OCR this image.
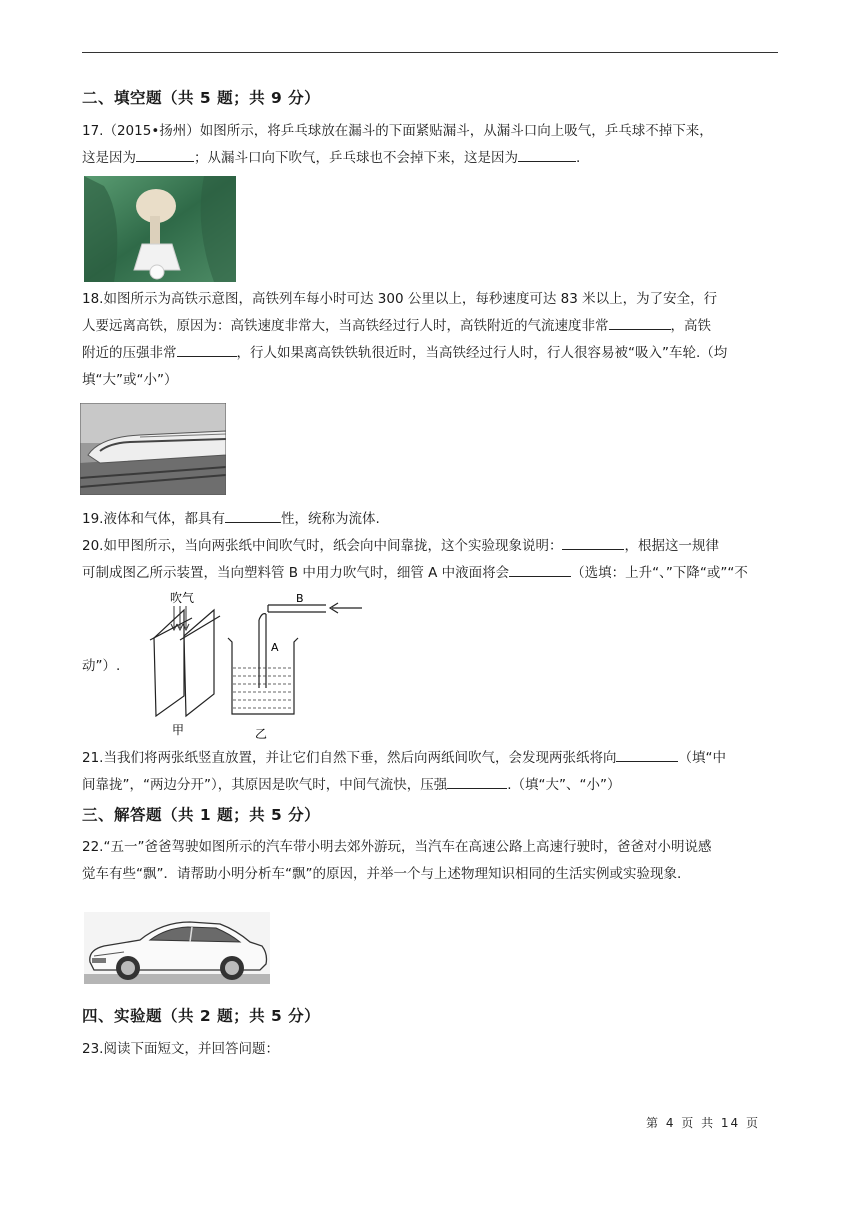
二、填空题（共 5 题；共 9 分）
17.（2015•扬州）如图所示，将乒乓球放在漏斗的下面紧贴漏斗，从漏斗口向上吸气，乒乓球不掉下来，
这是因为	；从漏斗口向下吹气，乒乓球也不会掉下来，这是因为	.
18.如图所示为高铁示意图，高铁列车每小时可达 300 公里以上，每秒速度可达 83 米以上，为了安全，行
人要远离高铁，原因为：高铁速度非常大，当高铁经过行人时，高铁附近的气流速度非常	，高铁
附近的压强非常	，行人如果离高铁铁轨很近时，当高铁经过行人时，行人很容易被“吸入”车轮.（均
填“大”或“小”）
19.液体和气体，都具有	性，统称为流体.
20.如甲图所示，当向两张纸中间吹气时，纸会向中间靠拢，这个实验现象说明：	，根据这一规律
可制成图乙所示装置，当向塑料管 B 中用力吹气时，细管 A 中液面将会	（选填：上升“、”下降“或”“不
动”）.
吹气
甲
B
A
乙
21.当我们将两张纸竖直放置，并让它们自然下垂，然后向两纸间吹气，会发现两张纸将向	（填“中
间靠拢”，“两边分开”），其原因是吹气时，中间气流快，压强	.（填“大”、“小”）
三、解答题（共 1 题；共 5 分）
22.“五一”爸爸驾驶如图所示的汽车带小明去郊外游玩，当汽车在高速公路上高速行驶时，爸爸对小明说感
觉车有些“飘”．请帮助小明分析车“飘”的原因，并举一个与上述物理知识相同的生活实例或实验现象.
四、实验题（共 2 题；共 5 分）
23.阅读下面短文，并回答问题：
第 4 页 共 14 页
